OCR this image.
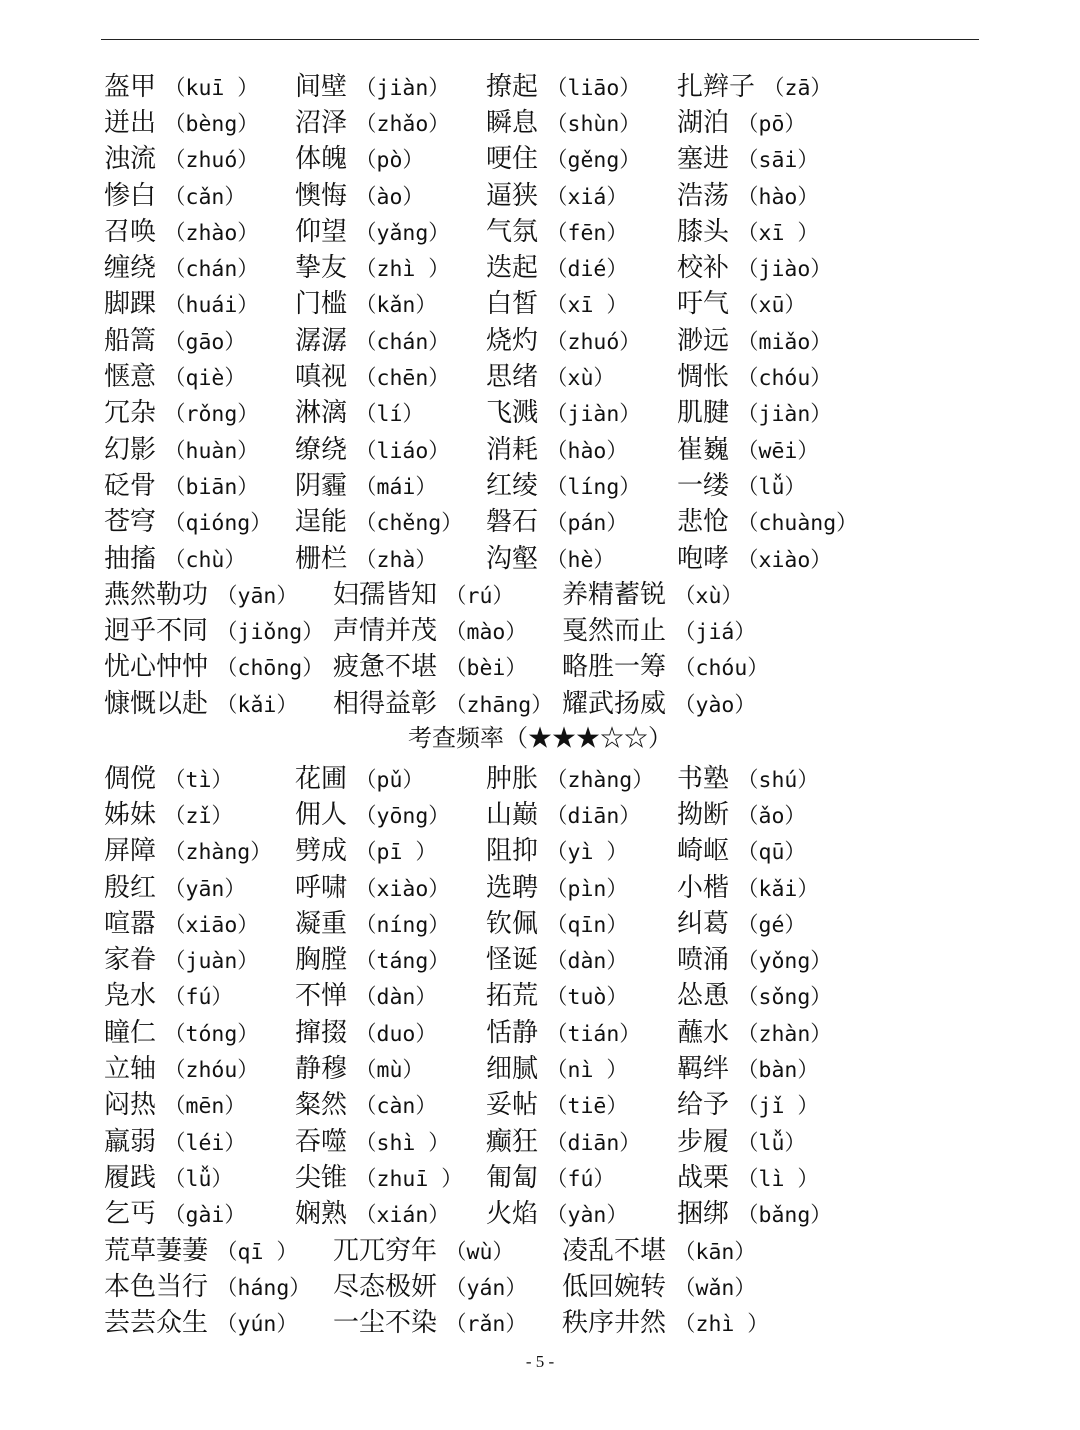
盔甲 （kuī ） 间壁 （jiàn） 撩起 （liāo） 扎辫子 （zā）
迸出 （bèng） 沼泽 （zhǎo） 瞬息 （shùn） 湖泊 （pō）
浊流 （zhuó） 体魄 （pò） 哽住 （gěng） 塞进 （sāi）
惨白 （cǎn） 懊悔 （ào） 逼狭 （xiá） 浩荡 （hào）
召唤 （zhào） 仰望 （yǎng） 气氛 （fēn） 膝头 （xī ）
缠绕 （chán） 挚友 （zhì ） 迭起 （dié） 校补 （jiào）
脚踝 （huái） 门槛 （kǎn） 白皙 （xī ） 吁气 （xū）
船篙 （gāo） 潺潺 （chán） 烧灼 （zhuó） 渺远 （miǎo）
惬意 （qiè） 嗔视 （chēn） 思绪 （xù） 惆怅 （chóu）
冗杂 （rǒng） 淋漓 （lí） 飞溅 （jiàn） 肌腱 （jiàn）
幻影 （huàn） 缭绕 （liáo） 消耗 （hào） 崔巍 （wēi）
砭骨 （biān） 阴霾 （mái） 红绫 （líng） 一缕 （lǚ）
苍穹 （qióng） 逞能 （chěng） 磐石 （pán） 悲怆 （chuàng）
抽搐 （chù） 栅栏 （zhà） 沟壑 （hè） 咆哮 （xiào）
燕然勒功 （yān） 妇孺皆知 （rú） 养精蓄锐 （xù）
迥乎不同 （jiǒng） 声情并茂 （mào） 戛然而止 （jiá）
忧心忡忡 （chōng） 疲惫不堪 （bèi） 略胜一筹 （chóu）
慷慨以赴 （kǎi） 相得益彰 （zhāng） 耀武扬威 （yào）
考查频率（★★★☆☆）
倜傥 （tì） 花圃 （pǔ） 肿胀 （zhàng） 书塾 （shú）
姊妹 （zǐ） 佣人 （yōng） 山巅 （diān） 拗断 （ǎo）
屏障 （zhàng） 劈成 （pī ） 阻抑 （yì ） 崎岖 （qū）
殷红 （yān） 呼啸 （xiào） 选聘 （pìn） 小楷 （kǎi）
喧嚣 （xiāo） 凝重 （níng） 钦佩 （qīn） 纠葛 （gé）
家眷 （juàn） 胸膛 （táng） 怪诞 （dàn） 喷涌 （yǒng）
凫水 （fú） 不惮 （dàn） 拓荒 （tuò） 怂恿 （sǒng）
瞳仁 （tóng） 撺掇 （duo） 恬静 （tián） 蘸水 （zhàn）
立轴 （zhóu） 静穆 （mù） 细腻 （nì ） 羁绊 （bàn）
闷热 （mēn） 粲然 （càn） 妥帖 （tiē） 给予 （jǐ ）
羸弱 （léi） 吞噬 （shì ） 癫狂 （diān） 步履 （lǚ）
履践 （lǚ） 尖锥 （zhuī ） 匍匐 （fú） 战栗 （lì ）
乞丐 （gài） 娴熟 （xián） 火焰 （yàn） 捆绑 （bǎng）
荒草萋萋 （qī ） 兀兀穷年 （wù） 凌乱不堪 （kān）
本色当行 （háng） 尽态极妍 （yán） 低回婉转 （wǎn）
芸芸众生 （yún） 一尘不染 （rǎn） 秩序井然 （zhì ）
- 5 -
